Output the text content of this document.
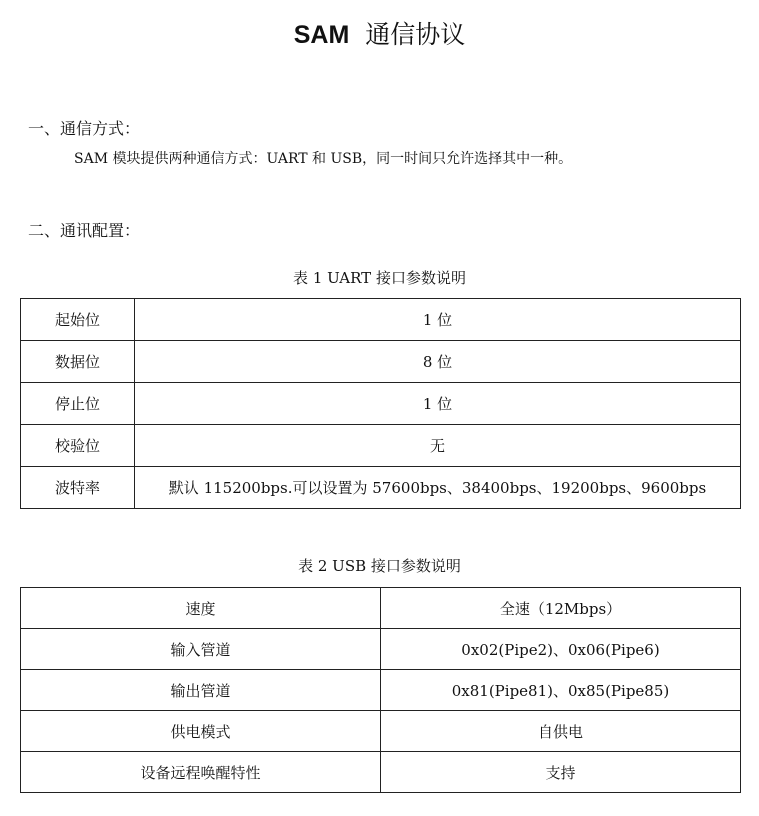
SAM 通信协议
一、通信方式：
SAM 模块提供两种通信方式：UART 和 USB，同一时间只允许选择其中一种。
二、通讯配置：
表 1 UART 接口参数说明
起始位	1 位
数据位	8 位
停止位	1 位
校验位	无
波特率	默认 115200bps.可以设置为 57600bps、38400bps、19200bps、9600bps
表 2 USB 接口参数说明
速度	全速（12Mbps）
输入管道	0x02(Pipe2)、0x06(Pipe6)
输出管道	0x81(Pipe81)、0x85(Pipe85)
供电模式	自供电
设备远程唤醒特性	支持
